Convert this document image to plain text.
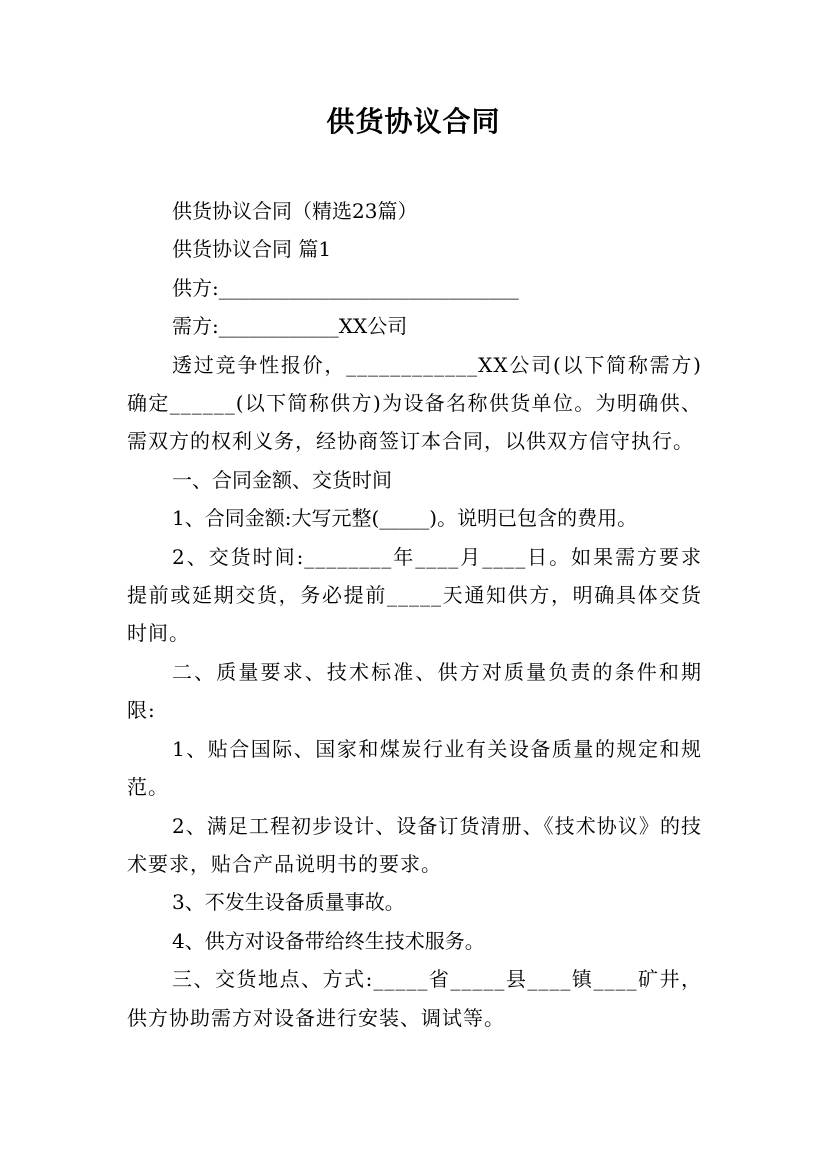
供货协议合同

供货协议合同（精选23篇）

供货协议合同 篇1

供方:______________________________

需方:____________XX公司

透过竞争性报价，____________XX公司(以下简称需方)确定______(以下简称供方)为设备名称供货单位。为明确供、需双方的权利义务，经协商签订本合同，以供双方信守执行。

一、合同金额、交货时间

1、合同金额:大写元整(_____)。说明已包含的费用。

2、交货时间:________年____月____日。如果需方要求提前或延期交货，务必提前_____天通知供方，明确具体交货时间。

二、质量要求、技术标准、供方对质量负责的条件和期限:

1、贴合国际、国家和煤炭行业有关设备质量的规定和规范。

2、满足工程初步设计、设备订货清册、《技术协议》的技术要求，贴合产品说明书的要求。

3、不发生设备质量事故。

4、供方对设备带给终生技术服务。

三、交货地点、方式:_____省_____县____镇____矿井，供方协助需方对设备进行安装、调试等。
